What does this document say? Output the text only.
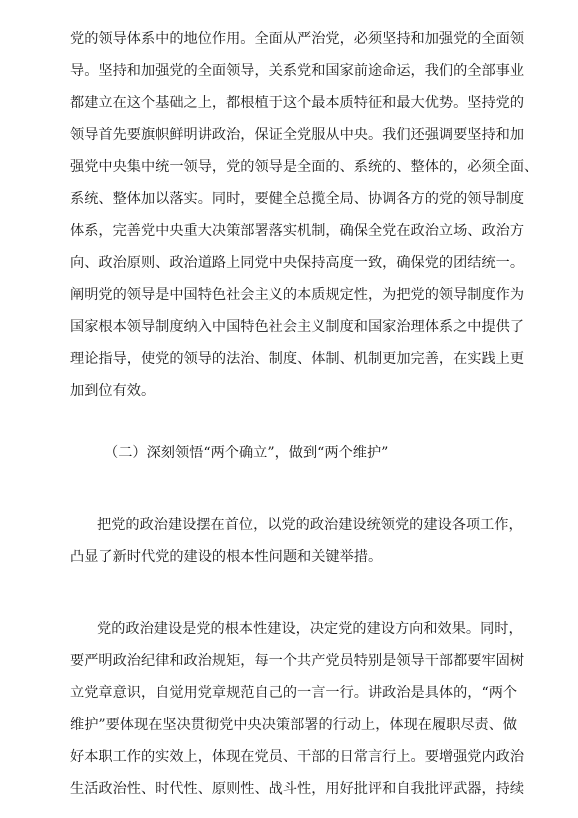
党的领导体系中的地位作用。全面从严治党，必须坚持和加强党的全面领
导。坚持和加强党的全面领导，关系党和国家前途命运，我们的全部事业
都建立在这个基础之上，都根植于这个最本质特征和最大优势。坚持党的
领导首先要旗帜鲜明讲政治，保证全党服从中央。我们还强调要坚持和加
强党中央集中统一领导，党的领导是全面的、系统的、整体的，必须全面、
系统、整体加以落实。同时，要健全总揽全局、协调各方的党的领导制度
体系，完善党中央重大决策部署落实机制，确保全党在政治立场、政治方
向、政治原则、政治道路上同党中央保持高度一致，确保党的团结统一。
阐明党的领导是中国特色社会主义的本质规定性，为把党的领导制度作为
国家根本领导制度纳入中国特色社会主义制度和国家治理体系之中提供了
理论指导，使党的领导的法治、制度、体制、机制更加完善，在实践上更
加到位有效。
（二）深刻领悟“两个确立”，做到“两个维护”
把党的政治建设摆在首位，以党的政治建设统领党的建设各项工作，
凸显了新时代党的建设的根本性问题和关键举措。
党的政治建设是党的根本性建设，决定党的建设方向和效果。同时，
要严明政治纪律和政治规矩，每一个共产党员特别是领导干部都要牢固树
立党章意识，自觉用党章规范自己的一言一行。讲政治是具体的，“两个
维护”要体现在坚决贯彻党中央决策部署的行动上，体现在履职尽责、做
好本职工作的实效上，体现在党员、干部的日常言行上。要增强党内政治
生活政治性、时代性、原则性、战斗性，用好批评和自我批评武器，持续
